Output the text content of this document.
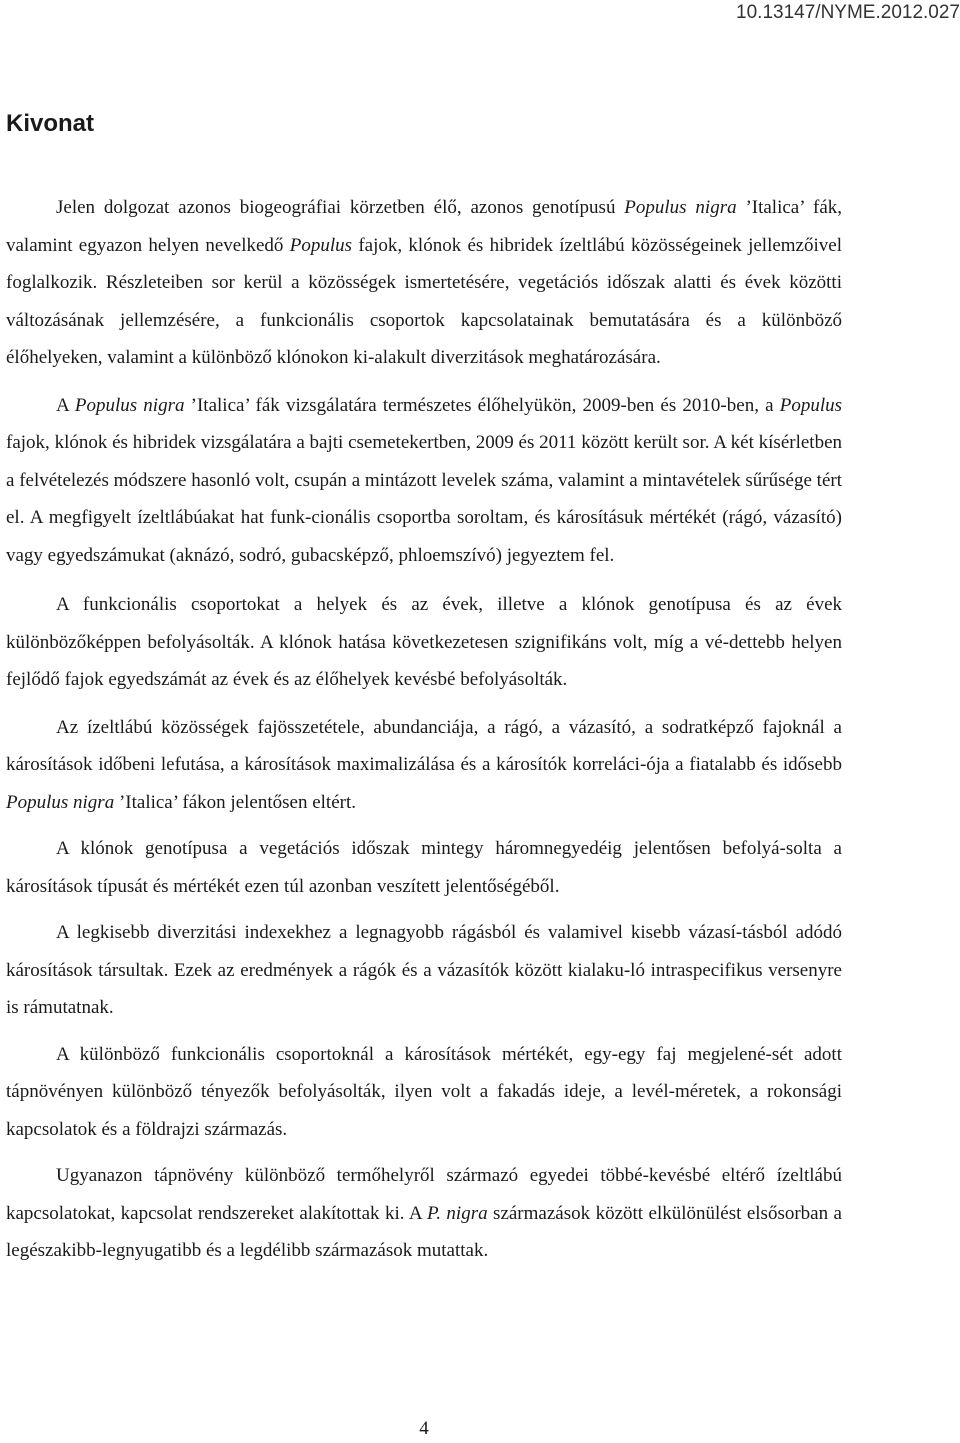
10.13147/NYME.2012.027
Kivonat

Jelen dolgozat azonos biogeográfiai körzetben élő, azonos genotípusú Populus nigra ’Italica’ fák, valamint egyazon helyen nevelkedő Populus fajok, klónok és hibridek ízeltlábú közösségeinek jellemzőivel foglalkozik. Részleteiben sor kerül a közösségek ismertetésére, vegetációs időszak alatti és évek közötti változásának jellemzésére, a funkcionális csoportok kapcsolatainak bemutatására és a különböző élőhelyeken, valamint a különböző klónokon ki-alakult diverzitások meghatározására.

A Populus nigra ’Italica’ fák vizsgálatára természetes élőhelyükön, 2009-ben és 2010-ben, a Populus fajok, klónok és hibridek vizsgálatára a bajti csemetekertben, 2009 és 2011 között került sor. A két kísérletben a felvételezés módszere hasonló volt, csupán a mintázott levelek száma, valamint a mintavételek sűrűsége tért el. A megfigyelt ízeltlábúakat hat funk-cionális csoportba soroltam, és károsításuk mértékét (rágó, vázasító) vagy egyedszámukat (aknázó, sodró, gubacsképző, phloemszívó) jegyeztem fel.

A funkcionális csoportokat a helyek és az évek, illetve a klónok genotípusa és az évek különbözőképpen befolyásolták. A klónok hatása következetesen szignifikáns volt, míg a vé-dettebb helyen fejlődő fajok egyedszámát az évek és az élőhelyek kevésbé befolyásolták.

Az ízeltlábú közösségek fajösszetétele, abundanciája, a rágó, a vázasító, a sodratképző fajoknál a károsítások időbeni lefutása, a károsítások maximalizálása és a károsítók korreláci-ója a fiatalabb és idősebb Populus nigra ’Italica’ fákon jelentősen eltért.

A klónok genotípusa a vegetációs időszak mintegy háromnegyedéig jelentősen befolyá-solta a károsítások típusát és mértékét ezen túl azonban veszített jelentőségéből.

A legkisebb diverzitási indexekhez a legnagyobb rágásból és valamivel kisebb vázasí-tásból adódó károsítások társultak. Ezek az eredmények a rágók és a vázasítók között kialaku-ló intraspecifikus versenyre is rámutatnak.

A különböző funkcionális csoportoknál a károsítások mértékét, egy-egy faj megjelené-sét adott tápnövényen különböző tényezők befolyásolták, ilyen volt a fakadás ideje, a levél-méretek, a rokonsági kapcsolatok és a földrajzi származás.

Ugyanazon tápnövény különböző termőhelyről származó egyedei többé-kevésbé eltérő ízeltlábú kapcsolatokat, kapcsolat rendszereket alakítottak ki. A P. nigra származások között elkülönülést elsősorban a legészakibb-legnyugatibb és a legdélibb származások mutattak.

4
